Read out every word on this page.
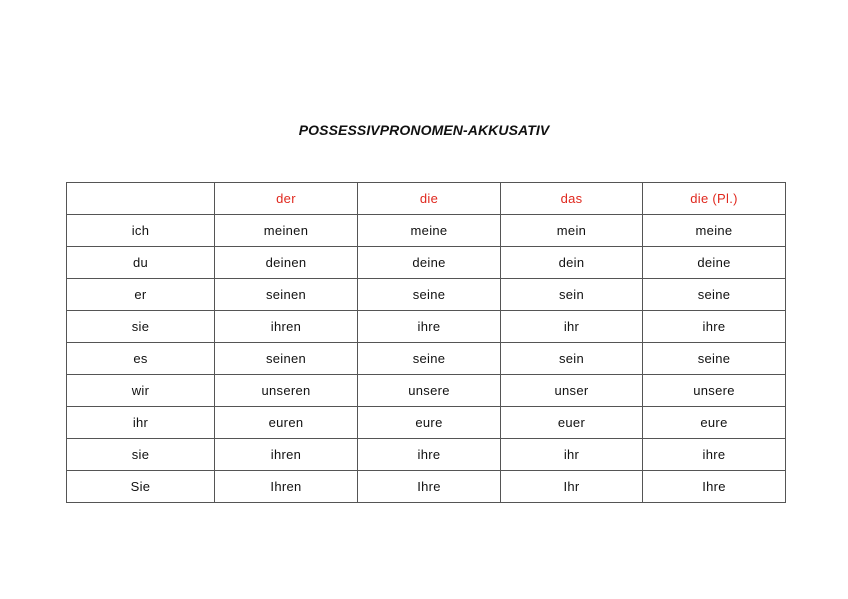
POSSESSIVPRONOMEN-AKKUSATIV
	der	die	das	die (Pl.)
ich	meinen	meine	mein	meine
du	deinen	deine	dein	deine
er	seinen	seine	sein	seine
sie	ihren	ihre	ihr	ihre
es	seinen	seine	sein	seine
wir	unseren	unsere	unser	unsere
ihr	euren	eure	euer	eure
sie	ihren	ihre	ihr	ihre
Sie	Ihren	Ihre	Ihr	Ihre
